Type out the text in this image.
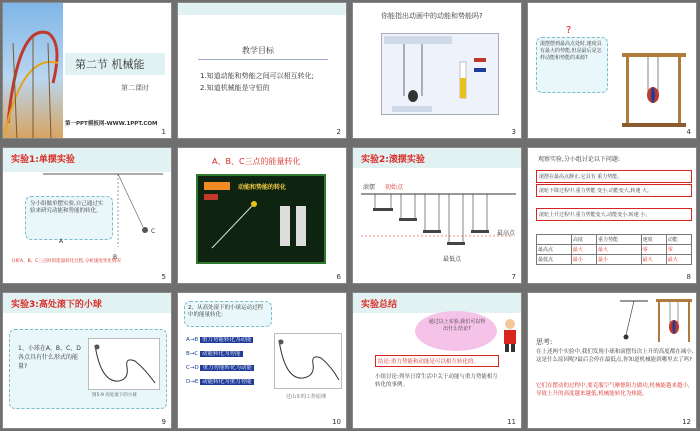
第二节 机械能
第二课时
第一PPT模板网-WWW.1PPT.COM
1
教学目标
1.知道动能和势能之间可以相互转化;
2.知道机械能是守恒的
2
你能指出动画中的动能和势能吗?
3
?
滚摆摆到最高点处时,速度具有最大的势能,但是最后是怎样动能和势能的来源?
4
实验1:单摆实验
分小组做单摆实验,自己通过实验来研究动能和势能的转化。
A
B
C
分析A、B、C三点时的能量转化过程,分析速度变化情况
5
A、B、C三点的能量转化
动能和势能的转化
6
实验2:滚摆实验
滚摆 初始点
最高点
最低点
7
观察实验,分小组讨论以下问题:
滚摆在最高点静止,它具有 重力势能。
滚轮下降过程中,重力势能 变小,动能变大,转速 大。
滚轮上升过程中,重力势能变大,动能变小,转速 小。
	高度	重力势能	速度	动能
最高点	最大	最大	零	零
最低点	最小	最小	最大	最大
8
实验3:高处滚下的小球
1、小球在A、B、C、D各点具有什么形式的能量?
图5-9 高处滚下的小球
9
2、从高处滚下的小球运动过程中的能量转化:
A→B 重力势能转化为动能
B→C 动能转化为势能
C→D 重力势能转化为动能
D→E 动能转化为重力势能
过山车的工作原理
10
实验总结
通过以上实验,我们可以得出什么结论?
结论:重力势能和动能是可以相互转化的。
小组讨论:列举日常生活中关于动能与重力势能相互转化的事例。
11
思考:
在上述两个实验中,我们发现小球和滚摆每次上升的高度都在减小,这是什么原因呢?最后会停在最低点,你知道机械能到哪里去了吗?
它们在摆动的过程中,要克服空气摩擦阻力做功,机械能越来越小,导致上升的高度越来越低,机械能转化为热能。
12
